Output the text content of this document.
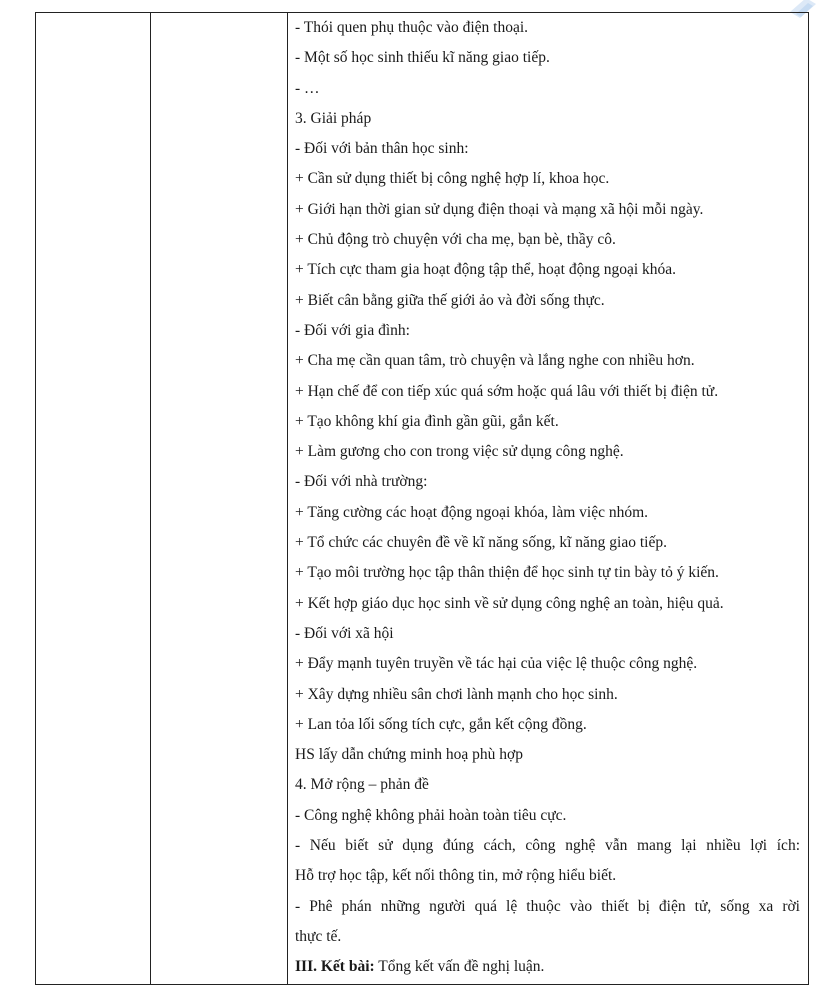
- Thói quen phụ thuộc vào điện thoại.
- Một số học sinh thiếu kĩ năng giao tiếp.
- …
3. Giải pháp
- Đối với bản thân học sinh:
+ Cần sử dụng thiết bị công nghệ hợp lí, khoa học.
+ Giới hạn thời gian sử dụng điện thoại và mạng xã hội mỗi ngày.
+ Chủ động trò chuyện với cha mẹ, bạn bè, thầy cô.
+ Tích cực tham gia hoạt động tập thể, hoạt động ngoại khóa.
+ Biết cân bằng giữa thế giới ảo và đời sống thực.
- Đối với gia đình:
+ Cha mẹ cần quan tâm, trò chuyện và lắng nghe con nhiều hơn.
+ Hạn chế để con tiếp xúc quá sớm hoặc quá lâu với thiết bị điện tử.
+ Tạo không khí gia đình gần gũi, gắn kết.
+ Làm gương cho con trong việc sử dụng công nghệ.
- Đối với nhà trường:
+ Tăng cường các hoạt động ngoại khóa, làm việc nhóm.
+ Tổ chức các chuyên đề về kĩ năng sống, kĩ năng giao tiếp.
+ Tạo môi trường học tập thân thiện để học sinh tự tin bày tỏ ý kiến.
+ Kết hợp giáo dục học sinh về sử dụng công nghệ an toàn, hiệu quả.
- Đối với xã hội
+ Đẩy mạnh tuyên truyền về tác hại của việc lệ thuộc công nghệ.
+ Xây dựng nhiều sân chơi lành mạnh cho học sinh.
+ Lan tỏa lối sống tích cực, gắn kết cộng đồng.
HS lấy dẫn chứng minh hoạ phù hợp
4. Mở rộng – phản đề
- Công nghệ không phải hoàn toàn tiêu cực.
- Nếu biết sử dụng đúng cách, công nghệ vẫn mang lại nhiều lợi ích:
Hỗ trợ học tập, kết nối thông tin, mở rộng hiểu biết.
- Phê phán những người quá lệ thuộc vào thiết bị điện tử, sống xa rời
thực tế.
III. Kết bài: Tổng kết vấn đề nghị luận.
